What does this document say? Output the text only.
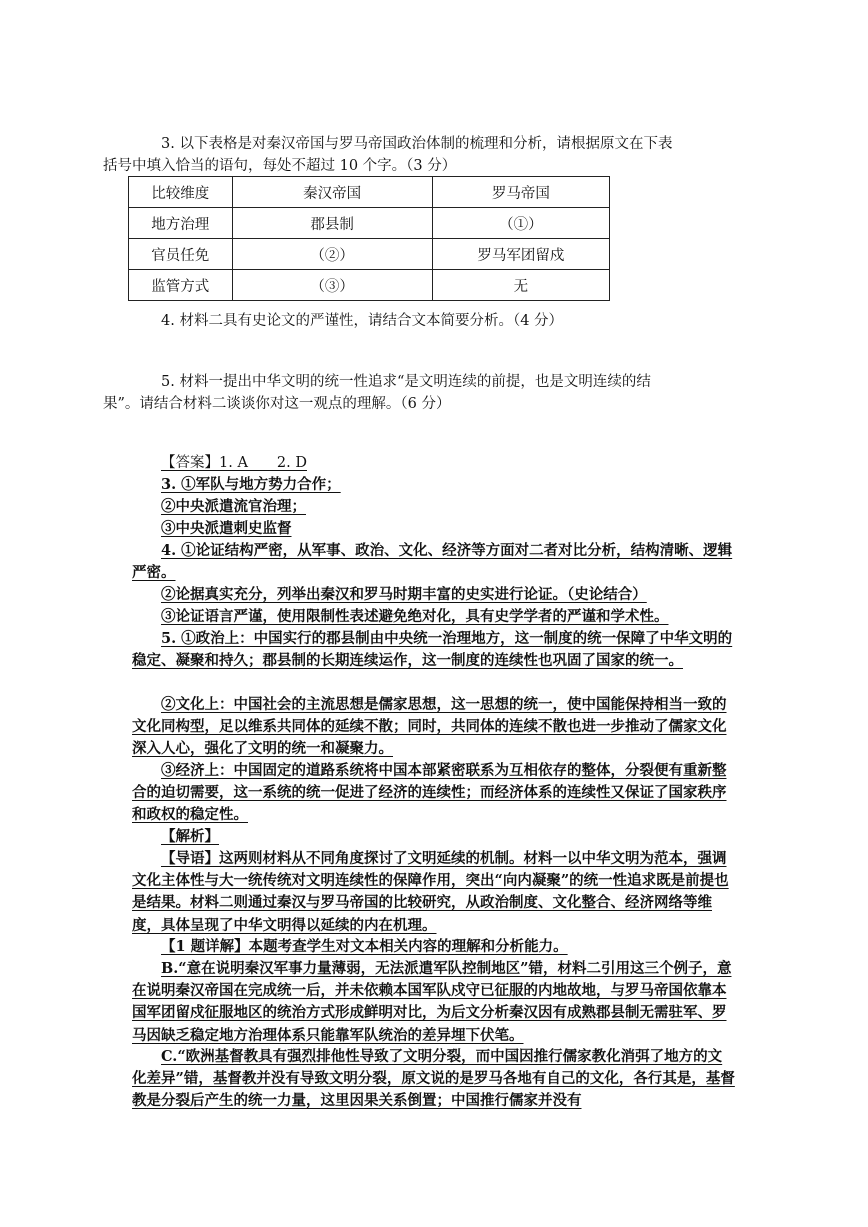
3. 以下表格是对秦汉帝国与罗马帝国政治体制的梳理和分析，请根据原文在下表
括号中填入恰当的语句，每处不超过 10 个字。（3 分）

比较维度	秦汉帝国	罗马帝国
地方治理	郡县制	（①）
官员任免	（②）	罗马军团留戍
监管方式	（③）	无

4. 材料二具有史论文的严谨性，请结合文本简要分析。（4 分）

5. 材料一提出中华文明的统一性追求“是文明连续的前提，也是文明连续的结
果”。请结合材料二谈谈你对这一观点的理解。（6 分）

【答案】1. A　　2. D

3. ①军队与地方势力合作；

②中央派遣流官治理；

③中央派遣刺史监督

4. ①论证结构严密，从军事、政治、文化、经济等方面对二者对比分析，结构清晰、逻辑严密。

②论据真实充分，列举出秦汉和罗马时期丰富的史实进行论证。（史论结合）

③论证语言严谨，使用限制性表述避免绝对化，具有史学学者的严谨和学术性。

5. ①政治上：中国实行的郡县制由中央统一治理地方，这一制度的统一保障了中华文明的稳定、凝聚和持久；郡县制的长期连续运作，这一制度的连续性也巩固了国家的统一。

②文化上：中国社会的主流思想是儒家思想，这一思想的统一，使中国能保持相当一致的文化同构型，足以维系共同体的延续不散；同时，共同体的连续不散也进一步推动了儒家文化深入人心，强化了文明的统一和凝聚力。

③经济上：中国固定的道路系统将中国本部紧密联系为互相依存的整体，分裂便有重新整合的迫切需要，这一系统的统一促进了经济的连续性；而经济体系的连续性又保证了国家秩序和政权的稳定性。

【解析】

【导语】这两则材料从不同角度探讨了文明延续的机制。材料一以中华文明为范本，强调文化主体性与大一统传统对文明连续性的保障作用，突出“向内凝聚”的统一性追求既是前提也是结果。材料二则通过秦汉与罗马帝国的比较研究，从政治制度、文化整合、经济网络等维度，具体呈现了中华文明得以延续的内在机理。

【1 题详解】本题考查学生对文本相关内容的理解和分析能力。

B.“意在说明秦汉军事力量薄弱，无法派遣军队控制地区”错，材料二引用这三个例子，意在说明秦汉帝国在完成统一后，并未依赖本国军队戍守已征服的内地故地，与罗马帝国依靠本国军团留戍征服地区的统治方式形成鲜明对比，为后文分析秦汉因有成熟郡县制无需驻军、罗马因缺乏稳定地方治理体系只能靠军队统治的差异埋下伏笔。

C.“欧洲基督教具有强烈排他性导致了文明分裂，而中国因推行儒家教化消弭了地方的文化差异”错，基督教并没有导致文明分裂，原文说的是罗马各地有自己的文化，各行其是，基督教是分裂后产生的统一力量，这里因果关系倒置；中国推行儒家并没有
